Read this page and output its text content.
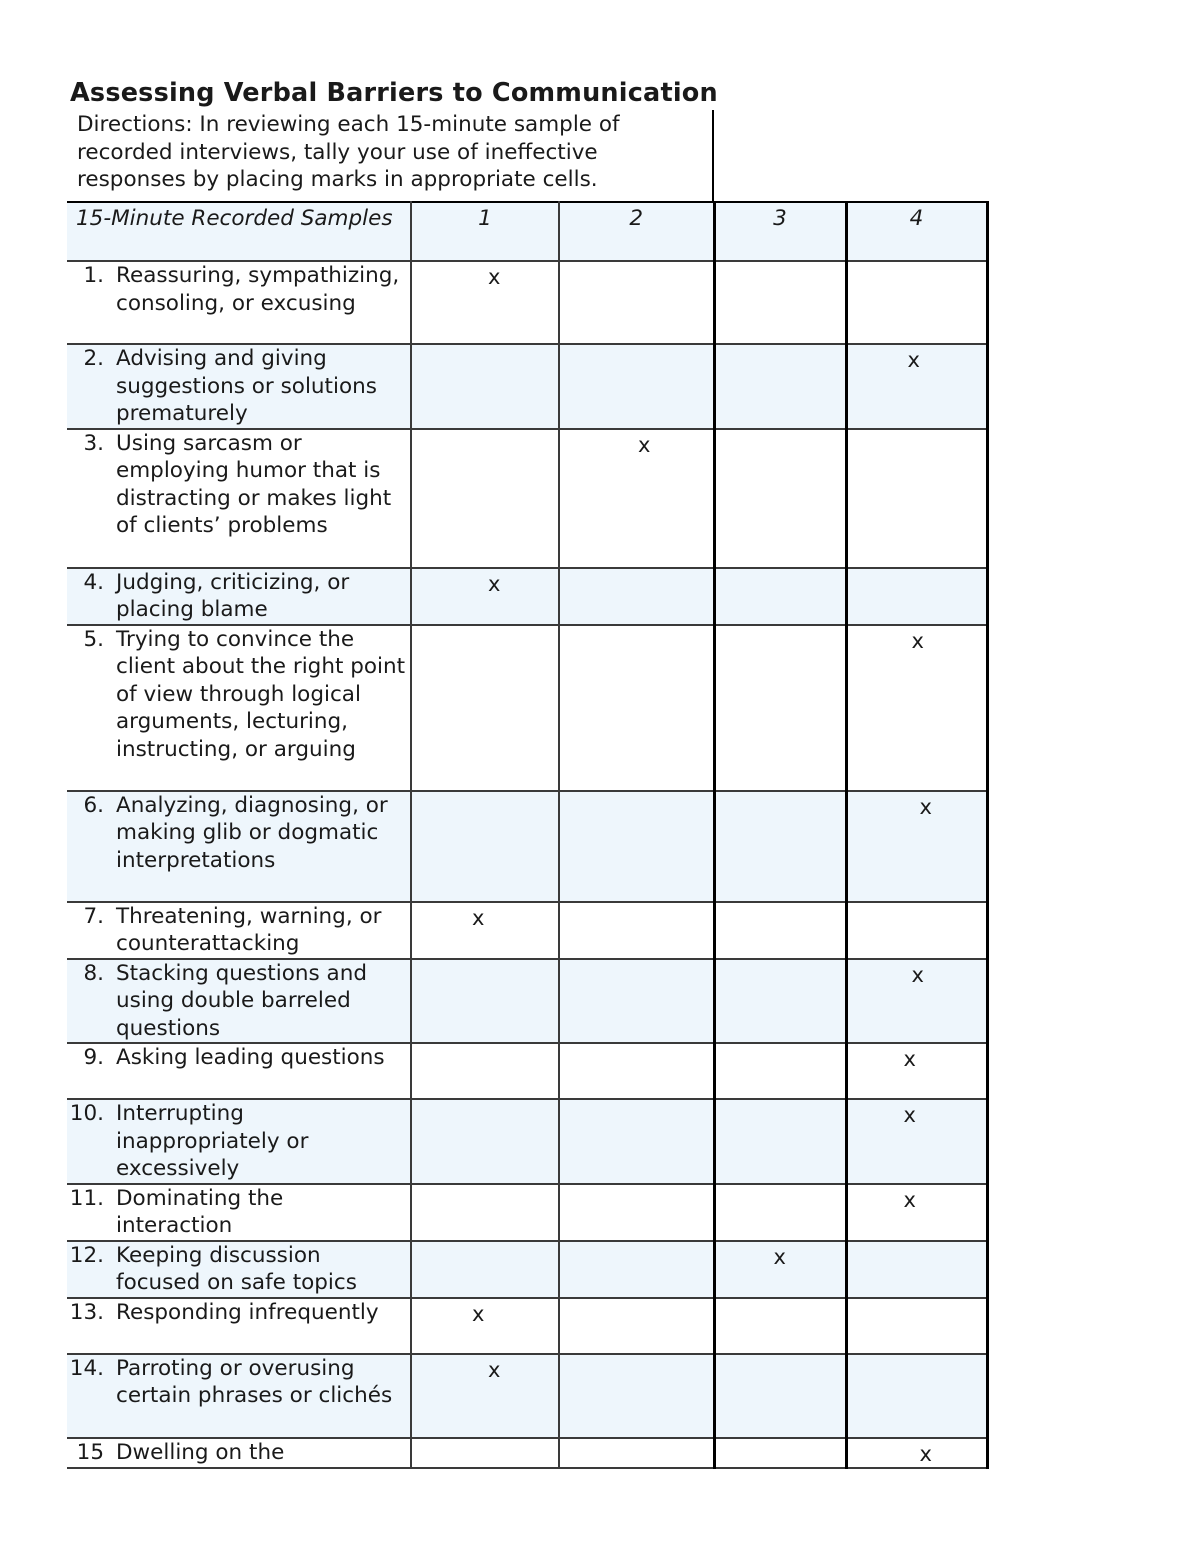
Assessing Verbal Barriers to Communication
Directions: In reviewing each 15-minute sample of recorded interviews, tally your use of ineffective responses by placing marks in appropriate cells.
15-Minute Recorded Samples	1	2	3	4

1. Reassuring, sympathizing, consoling, or excusing	x			

2. Advising and giving suggestions or solutions prematurely				x

3. Using sarcasm or employing humor that is distracting or makes light of clients’ problems		x		

4. Judging, criticizing, or placing blame	x			

5. Trying to convince the client about the right point of view through logical arguments, lecturing, instructing, or arguing				x

6. Analyzing, diagnosing, or making glib or dogmatic interpretations				x

7. Threatening, warning, or counterattacking	x			

8. Stacking questions and using double barreled questions				x

9. Asking leading questions				x

10. Interrupting inappropriately or excessively				x

11. Dominating the interaction				x

12. Keeping discussion focused on safe topics			x	

13. Responding infrequently	x			

14. Parroting or overusing certain phrases or clichés	x			

15 Dwelling on the				x
